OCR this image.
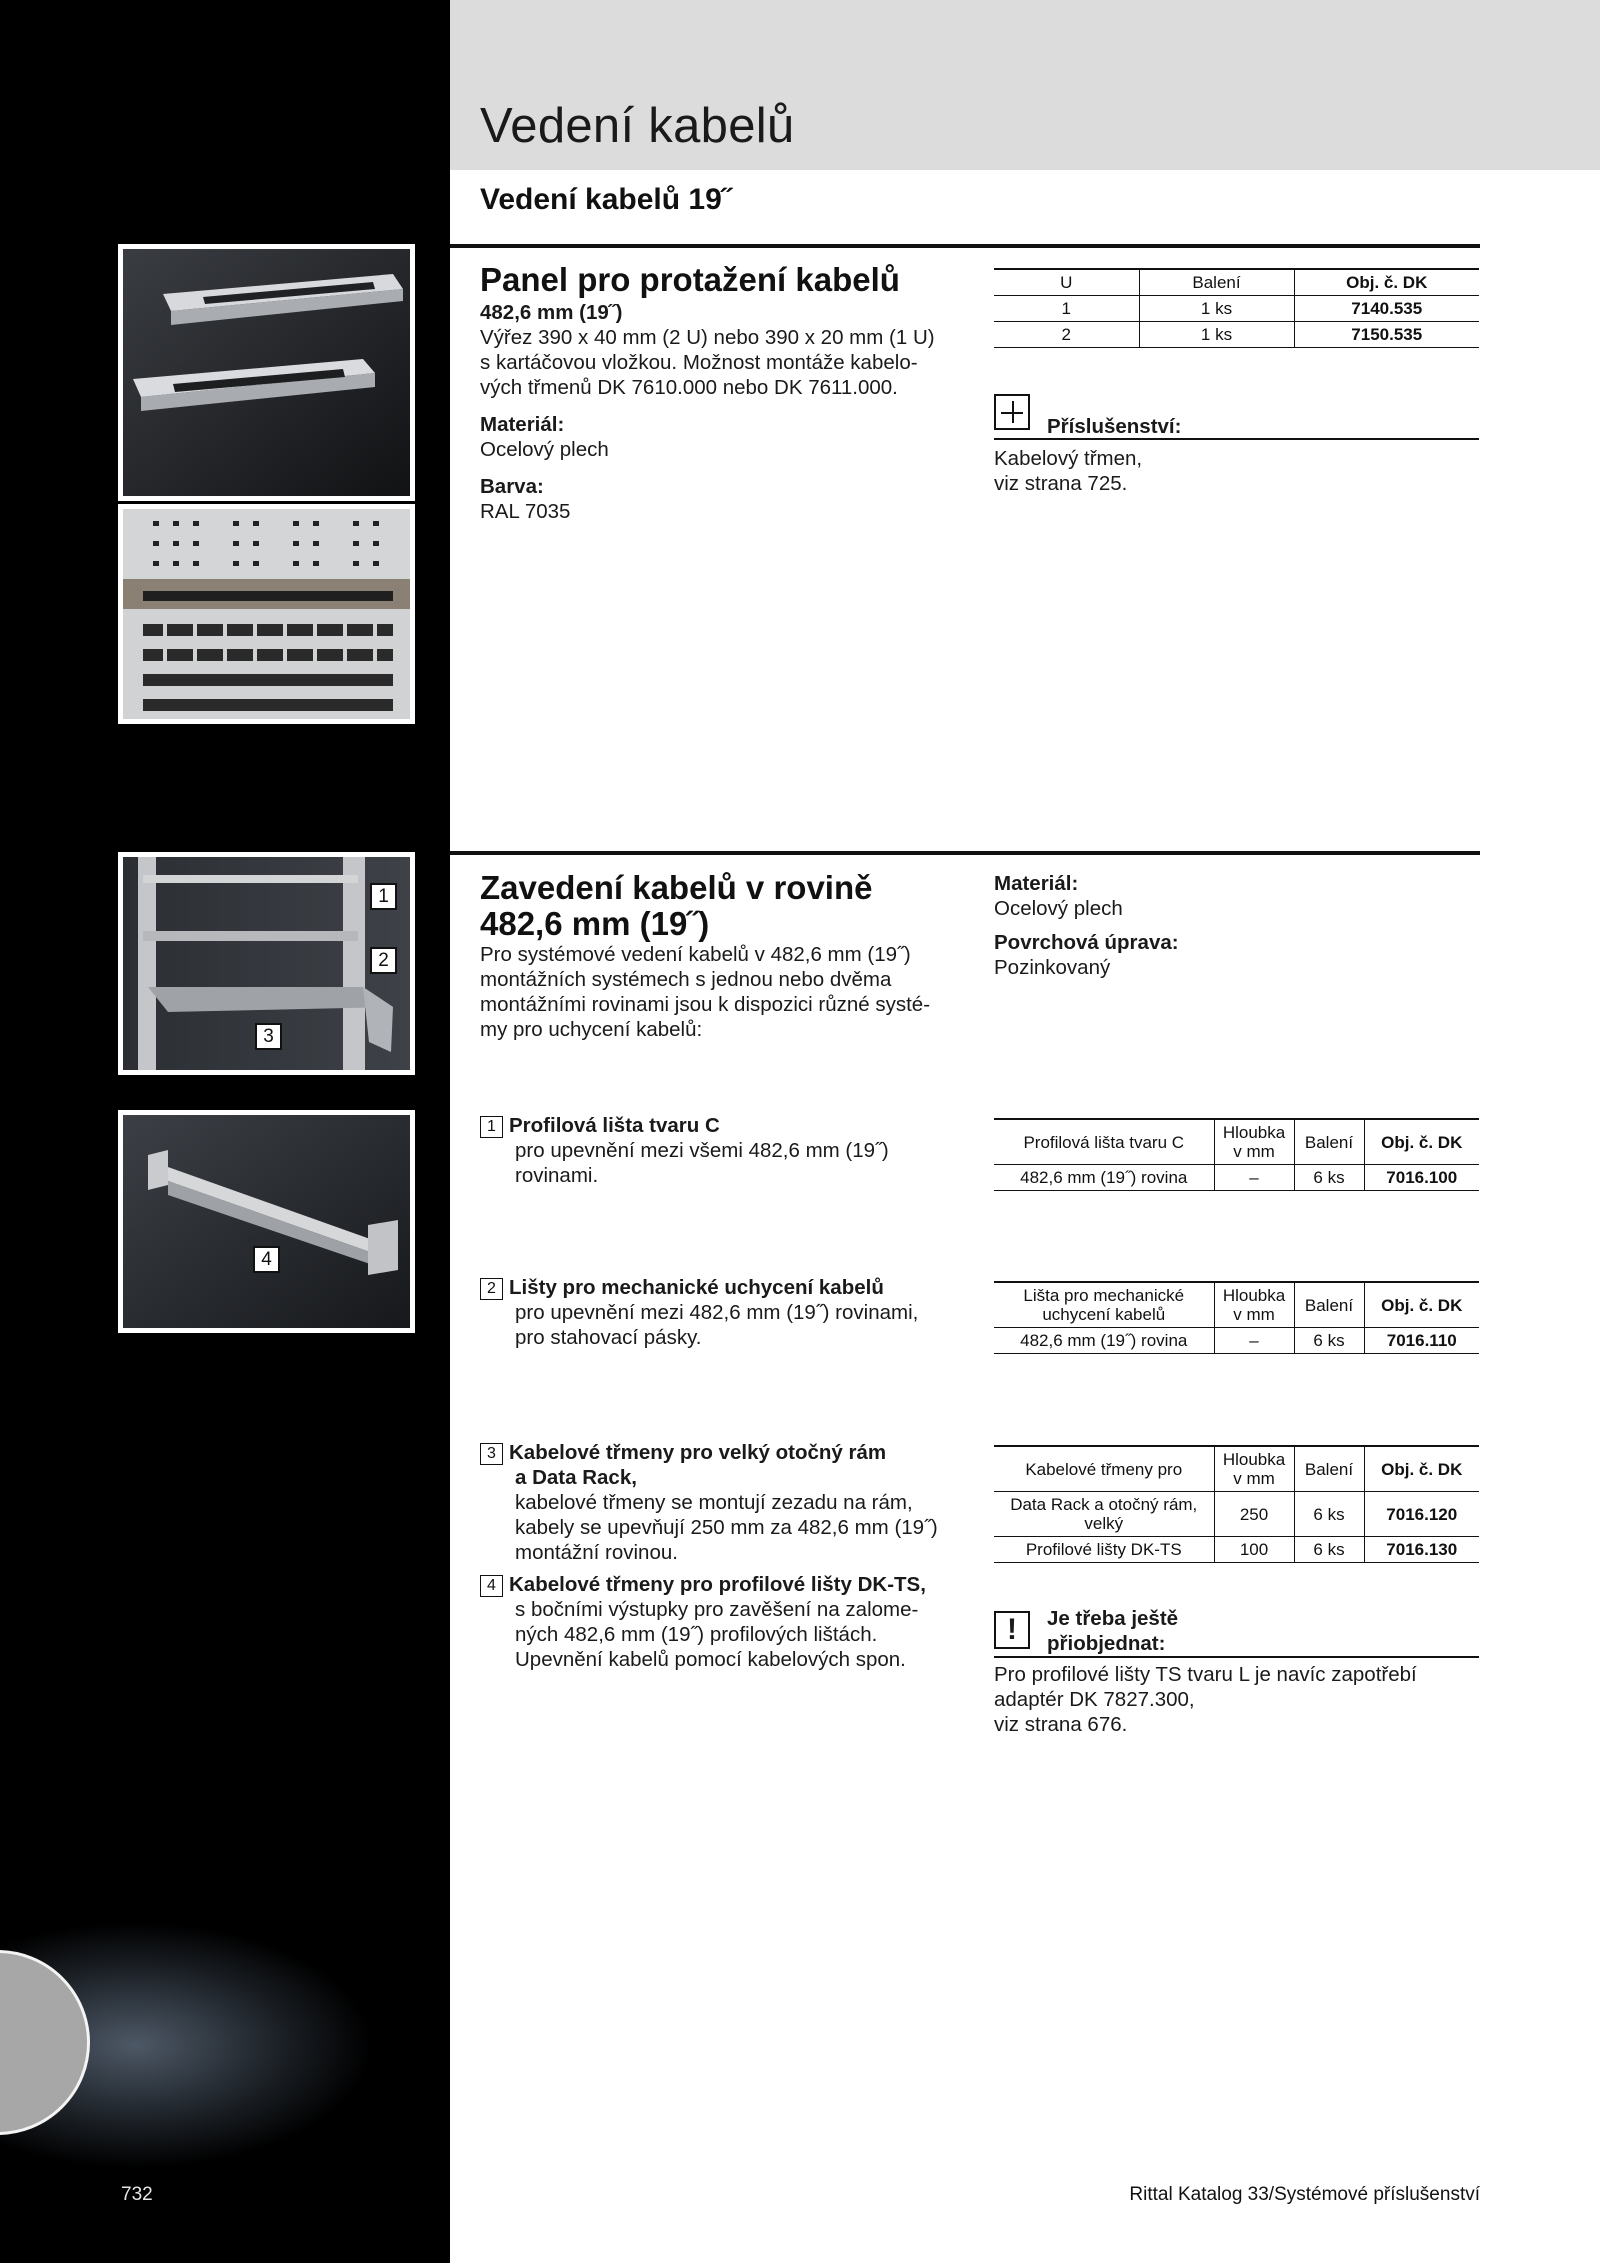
Vedení kabelů
Vedení kabelů 19˝
Panel pro protažení kabelů
482,6 mm (19˝)
Výřez 390 x 40 mm (2 U) nebo 390 x 20 mm (1 U)
s kartáčovou vložkou. Možnost montáže kabelo-
vých třmenů DK 7610.000 nebo DK 7611.000.
Materiál:
Ocelový plech
Barva:
RAL 7035
U	Balení	Obj. č. DK
1	1 ks	7140.535
2	1 ks	7150.535
Příslušenství:
Kabelový třmen,
viz strana 725.
1
2
3
Zavedení kabelů v rovině
482,6 mm (19˝)
Pro systémové vedení kabelů v 482,6 mm (19˝)
montážních systémech s jednou nebo dvěma
montážními rovinami jsou k dispozici různé systé-
my pro uchycení kabelů:
Materiál:
Ocelový plech
Povrchová úprava:
Pozinkovaný
4
1 Profilová lišta tvaru C
pro upevnění mezi všemi 482,6 mm (19˝)
rovinami.
Profilová lišta tvaru C	Hloubka v mm	Balení	Obj. č. DK
482,6 mm (19˝) rovina	–	6 ks	7016.100
2 Lišty pro mechanické uchycení kabelů
pro upevnění mezi 482,6 mm (19˝) rovinami,
pro stahovací pásky.
Lišta pro mechanické uchycení kabelů	Hloubka v mm	Balení	Obj. č. DK
482,6 mm (19˝) rovina	–	6 ks	7016.110
3 Kabelové třmeny pro velký otočný rám
a Data Rack,
kabelové třmeny se montují zezadu na rám,
kabely se upevňují 250 mm za 482,6 mm (19˝)
montážní rovinou.
4 Kabelové třmeny pro profilové lišty DK-TS,
s bočními výstupky pro zavěšení na zalome-
ných 482,6 mm (19˝) profilových lištách.
Upevnění kabelů pomocí kabelových spon.
Kabelové třmeny pro	Hloubka v mm	Balení	Obj. č. DK
Data Rack a otočný rám, velký	250	6 ks	7016.120
Profilové lišty DK-TS	100	6 ks	7016.130
!	Je třeba ještě
přiobjednat:
Pro profilové lišty TS tvaru L je navíc zapotřebí
adaptér DK 7827.300,
viz strana 676.
732	Rittal Katalog 33/Systémové příslušenství
